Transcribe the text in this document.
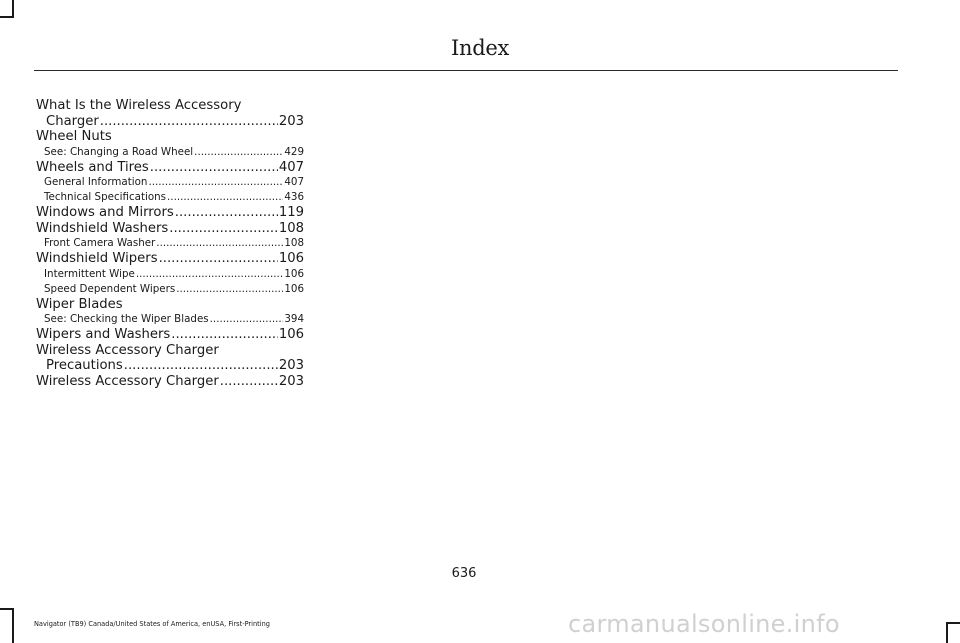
Index
What Is the Wireless Accessory
Charger .....	203
Wheel Nuts
See: Changing a Road Wheel .....	429
Wheels and Tires .....	407
General Information .....	407
Technical Specifications .....	436
Windows and Mirrors .....	119
Windshield Washers .....	108
Front Camera Washer .....	108
Windshield Wipers .....	106
Intermittent Wipe .....	106
Speed Dependent Wipers .....	106
Wiper Blades
See: Checking the Wiper Blades .....	394
Wipers and Washers .....	106
Wireless Accessory Charger
Precautions .....	203
Wireless Accessory Charger .....	203
636
Navigator (TB9) Canada/United States of America, enUSA, First-Printing	carmanualsonline.info
